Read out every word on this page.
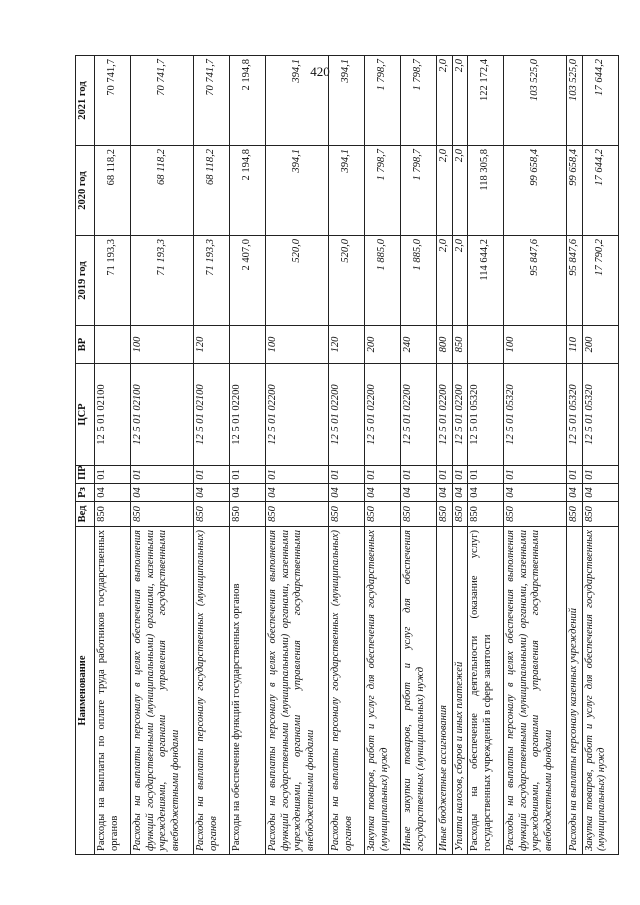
420
Наименование	Вед	Рз	ПР	ЦСР	ВР	2019 год	2020 год	2021 год
Расходы на выплаты по оплате труда работников государственных органов	850	04	01	12 5 01 02100		71 193,3	68 118,2	70 741,7
Расходы на выплаты персоналу в целях обеспечения выполнения функций государственными (муниципальными) органами, казенными учреждениями, органами управления государственными внебюджетными фондами	850	04	01	12 5 01 02100	100	71 193,3	68 118,2	70 741,7
Расходы на выплаты персоналу государственных (муниципальных) органов	850	04	01	12 5 01 02100	120	71 193,3	68 118,2	70 741,7
Расходы на обеспечение функций государственных органов	850	04	01	12 5 01 02200		2 407,0	2 194,8	2 194,8
Расходы на выплаты персоналу в целях обеспечения выполнения функций государственными (муниципальными) органами, казенными учреждениями, органами управления государственными внебюджетными фондами	850	04	01	12 5 01 02200	100	520,0	394,1	394,1
Расходы на выплаты персоналу государственных (муниципальных) органов	850	04	01	12 5 01 02200	120	520,0	394,1	394,1
Закупка товаров, работ и услуг для обеспечения государственных (муниципальных) нужд	850	04	01	12 5 01 02200	200	1 885,0	1 798,7	1 798,7
Иные закупки товаров, работ и услуг для обеспечения государственных (муниципальных) нужд	850	04	01	12 5 01 02200	240	1 885,0	1 798,7	1 798,7
Иные бюджетные ассигнования	850	04	01	12 5 01 02200	800	2,0	2,0	2,0
Уплата налогов, сборов и иных платежей	850	04	01	12 5 01 02200	850	2,0	2,0	2,0
Расходы на обеспечение деятельности (оказание услуг) государственных учреждений в сфере занятости	850	04	01	12 5 01 05320		114 644,2	118 305,8	122 172,4
Расходы на выплаты персоналу в целях обеспечения выполнения функций государственными (муниципальными) органами, казенными учреждениями, органами управления государственными внебюджетными фондами	850	04	01	12 5 01 05320	100	95 847,6	99 658,4	103 525,0
Расходы на выплаты персоналу казенных учреждений	850	04	01	12 5 01 05320	110	95 847,6	99 658,4	103 525,0
Закупка товаров, работ и услуг для обеспечения государственных (муниципальных) нужд	850	04	01	12 5 01 05320	200	17 790,2	17 644,2	17 644,2
